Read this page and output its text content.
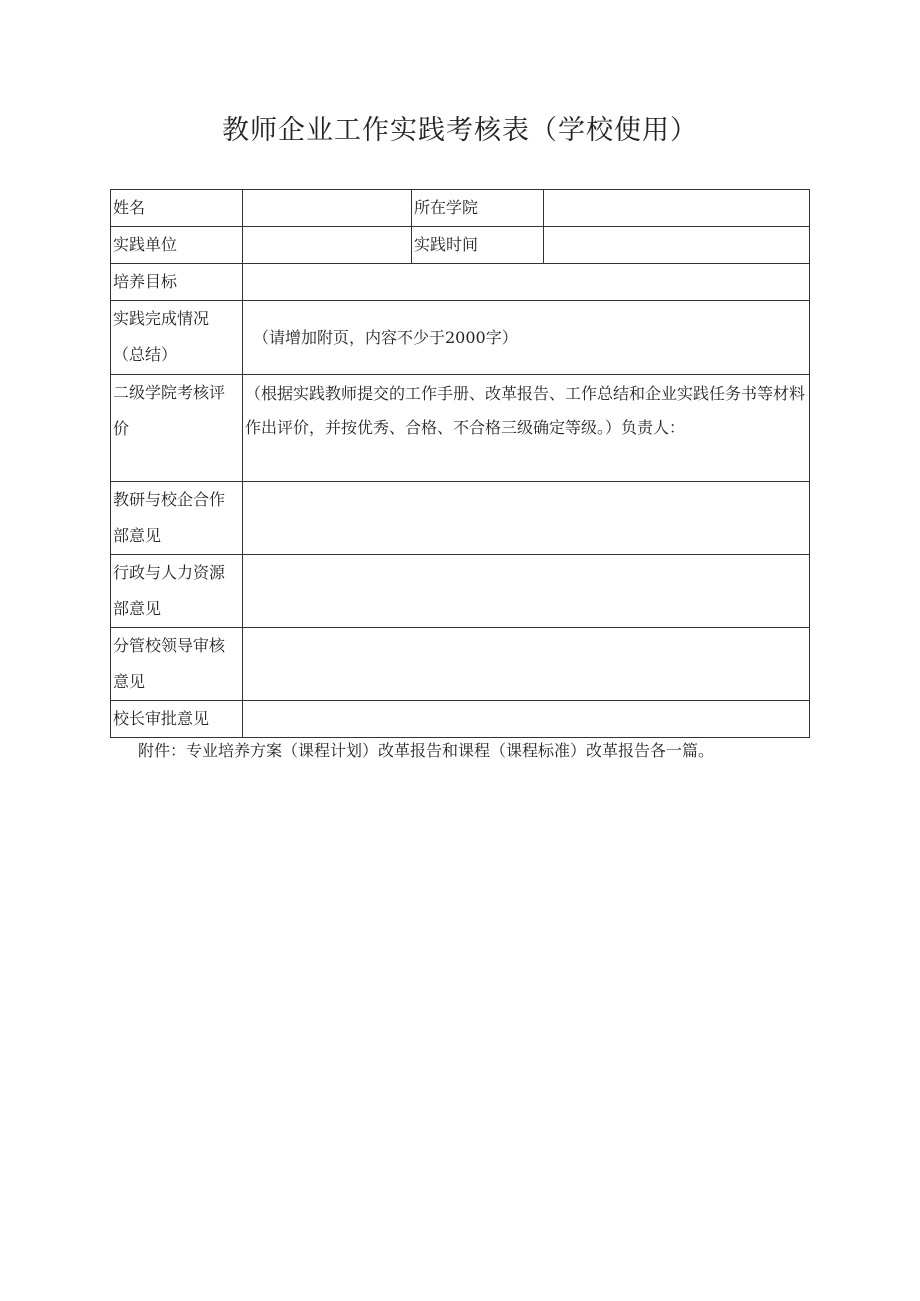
教师企业工作实践考核表（学校使用）
姓名		所在学院	
实践单位		实践时间	
培养目标			
实践完成情况（总结）	（请增加附页，内容不少于2000字）		
二级学院考核评价	（根据实践教师提交的工作手册、改革报告、工作总结和企业实践任务书等材料作出评价，并按优秀、合格、不合格三级确定等级。）负责人：		
教研与校企合作部意见			
行政与人力资源部意见			
分管校领导审核意见			
校长审批意见			
附件：专业培养方案（课程计划）改革报告和课程（课程标准）改革报告各一篇。
